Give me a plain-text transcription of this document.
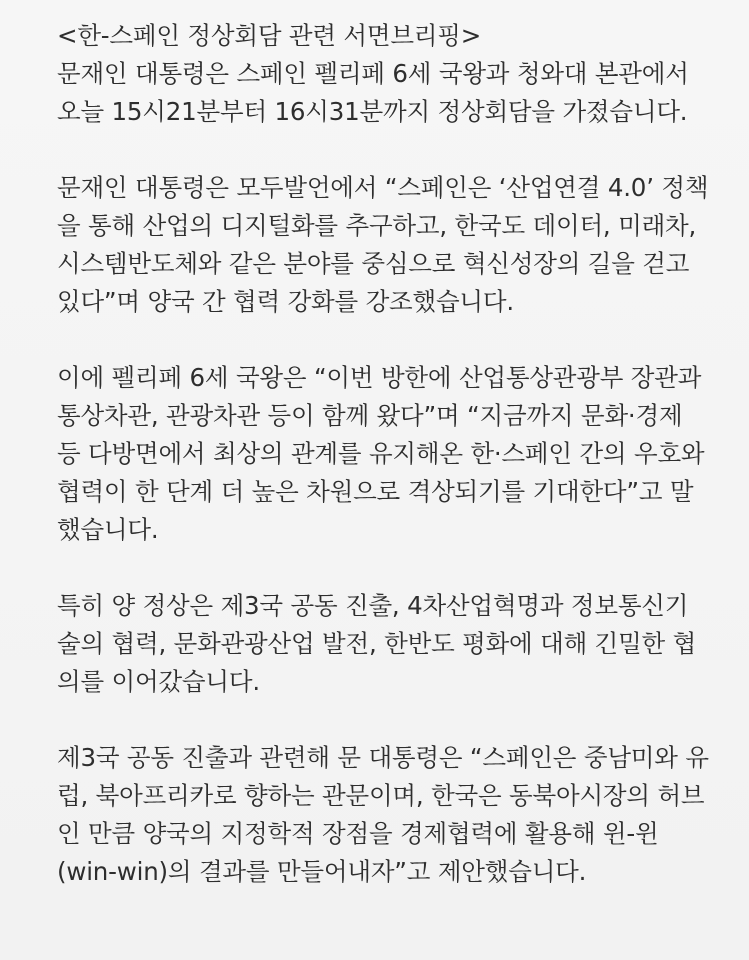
<한-스페인 정상회담 관련 서면브리핑>
문재인 대통령은 스페인 펠리페 6세 국왕과 청와대 본관에서
오늘 15시21분부터 16시31분까지 정상회담을 가졌습니다.
문재인 대통령은 모두발언에서 “스페인은 ‘산업연결 4.0’ 정책
을 통해 산업의 디지털화를 추구하고, 한국도 데이터, 미래차,
시스템반도체와 같은 분야를 중심으로 혁신성장의 길을 걷고
있다”며 양국 간 협력 강화를 강조했습니다.
이에 펠리페 6세 국왕은 “이번 방한에 산업통상관광부 장관과
통상차관, 관광차관 등이 함께 왔다”며 “지금까지 문화·경제
등 다방면에서 최상의 관계를 유지해온 한·스페인 간의 우호와
협력이 한 단계 더 높은 차원으로 격상되기를 기대한다”고 말
했습니다.
특히 양 정상은 제3국 공동 진출, 4차산업혁명과 정보통신기
술의 협력, 문화관광산업 발전, 한반도 평화에 대해 긴밀한 협
의를 이어갔습니다.
제3국 공동 진출과 관련해 문 대통령은 “스페인은 중남미와 유
럽, 북아프리카로 향하는 관문이며, 한국은 동북아시장의 허브
인 만큼 양국의 지정학적 장점을 경제협력에 활용해 윈-윈
(win-win)의 결과를 만들어내자”고 제안했습니다.
